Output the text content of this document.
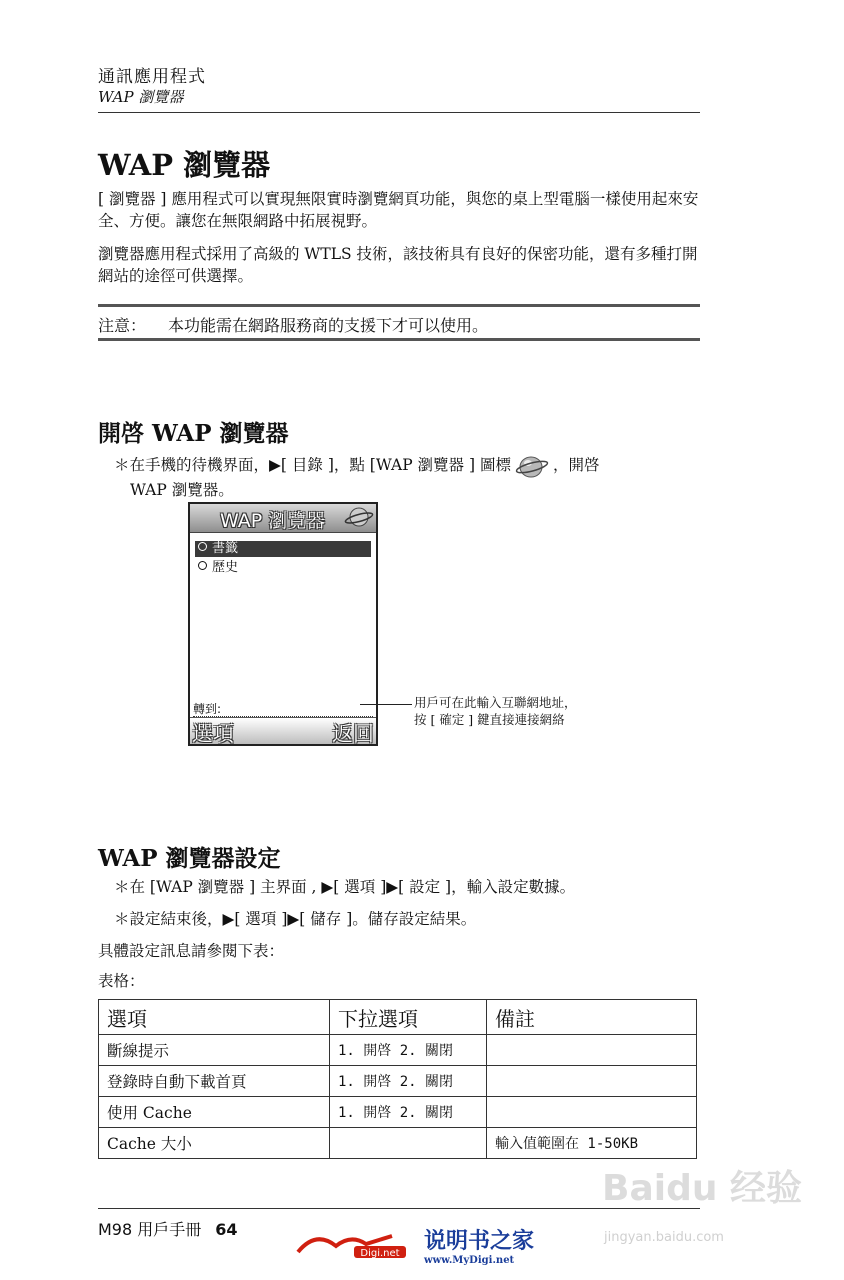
通訊應用程式
WAP 瀏覽器
WAP 瀏覽器
[ 瀏覽器 ] 應用程式可以實現無限實時瀏覽網頁功能，與您的桌上型電腦一樣使用起來安全、方便。讓您在無限網路中拓展視野。
瀏覽器應用程式採用了高級的 WTLS 技術，該技術具有良好的保密功能，還有多種打開網站的途徑可供選擇。
注意： 本功能需在網路服務商的支援下才可以使用。
開啓 WAP 瀏覽器
＊在手機的待機界面，▶[ 目錄 ]，點 [WAP 瀏覽器 ] 圖標	，開啓
WAP 瀏覽器。
WAP 瀏覽器
書籤
歷史
轉到:
選項	返回
用戶可在此輸入互聯網地址，
按 [ 確定 ] 鍵直接連接網絡
WAP 瀏覽器設定
＊在 [WAP 瀏覽器 ] 主界面 , ▶[ 選項 ]▶[ 設定 ]，輸入設定數據。
＊設定結束後，▶[ 選項 ]▶[ 儲存 ]。儲存設定結果。
具體設定訊息請參閱下表：
表格：
選項	下拉選項	備註
斷線提示	1. 開啓 2. 關閉	
登錄時自動下載首頁	1. 開啓 2. 關閉	
使用 Cache	1. 開啓 2. 關閉	
Cache 大小		輸入值範圍在 1-50KB
M98 用戶手冊 64
Digi.net 说明书之家
www.MyDigi.net
Baidu 经验
jingyan.baidu.com
